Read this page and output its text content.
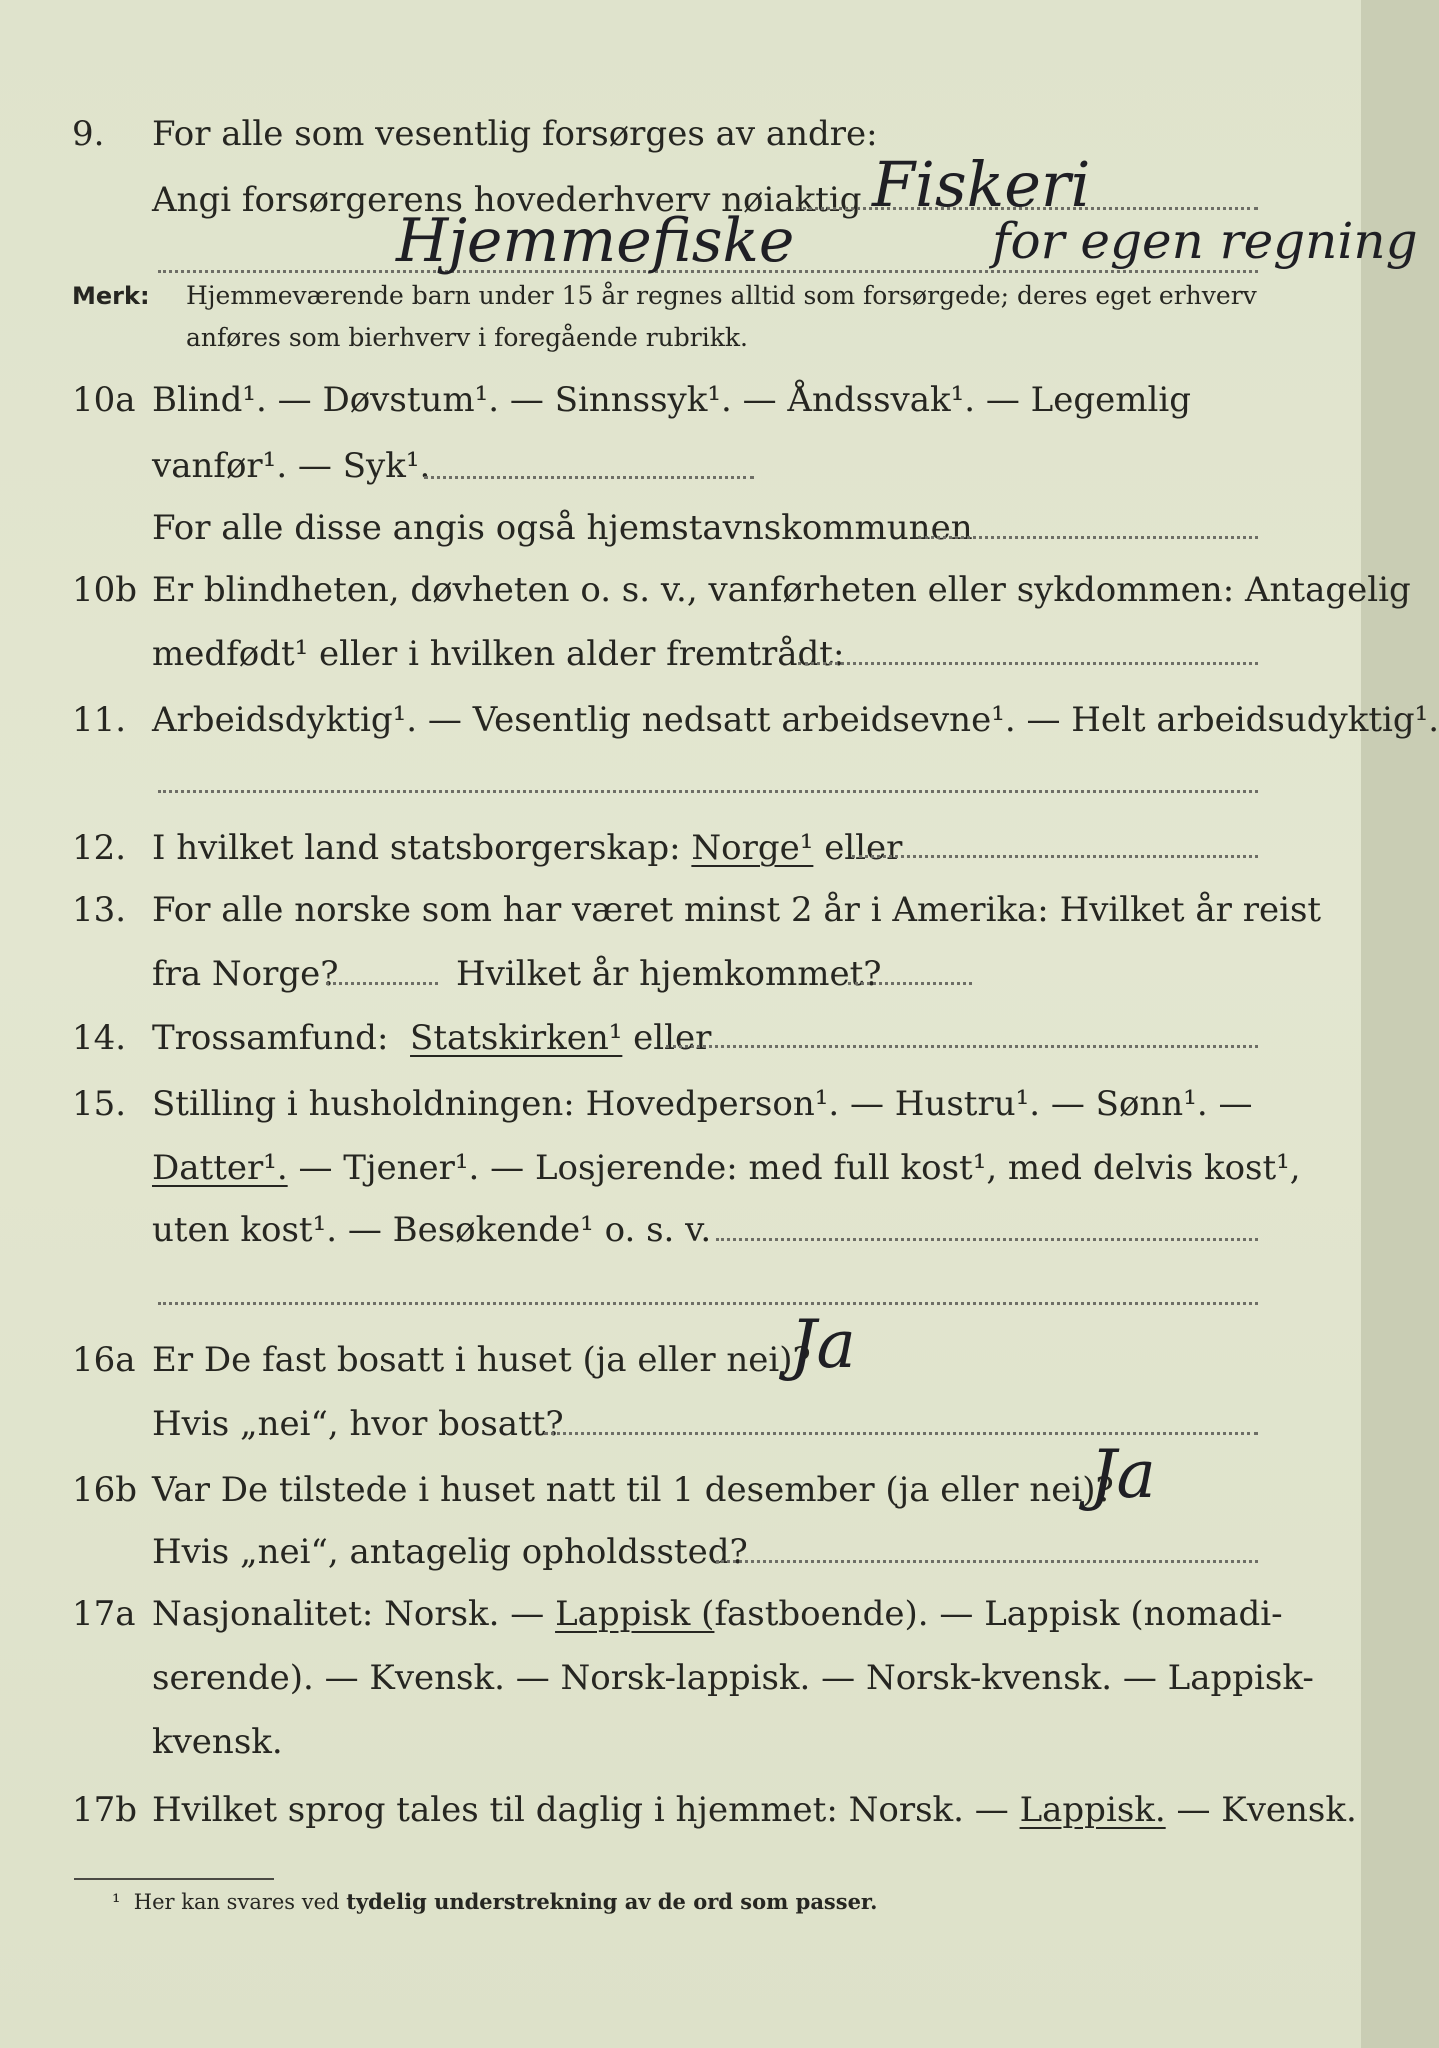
9. For alle som vesentlig forsørges av andre:
Angi forsørgerens hovederhverv nøiaktig Fiskeri
Hjemmefiske	for egen regning
Merk: Hjemmeværende barn under 15 år regnes alltid som forsørgede; deres eget erhverv
anføres som bierhverv i foregående rubrikk.
10a Blind¹. — Døvstum¹. — Sinnssyk¹. — Åndssvak¹. — Legemlig
vanfør¹. — Syk¹.
For alle disse angis også hjemstavnskommunen
10b Er blindheten, døvheten o. s. v., vanførheten eller sykdommen: Antagelig
medfødt¹ eller i hvilken alder fremtrådt:
11. Arbeidsdyktig¹. — Vesentlig nedsatt arbeidsevne¹. — Helt arbeidsudyktig¹.
12. I hvilket land statsborgerskap: Norge¹ eller
13. For alle norske som har været minst 2 år i Amerika: Hvilket år reist
fra Norge?	Hvilket år hjemkommet?
14. Trossamfund: Statskirken¹ eller
15. Stilling i husholdningen: Hovedperson¹. — Hustru¹. — Sønn¹. —
Datter¹. — Tjener¹. — Losjerende: med full kost¹, med delvis kost¹,
uten kost¹. — Besøkende¹ o. s. v.
16a Er De fast bosatt i huset (ja eller nei)?
Ja
Hvis „nei“, hvor bosatt?
16b Var De tilstede i huset natt til 1 desember (ja eller nei)?
Ja
Hvis „nei“, antagelig opholdssted?
17a Nasjonalitet: Norsk. — Lappisk (fastboende). — Lappisk (nomadi-
serende). — Kvensk. — Norsk-lappisk. — Norsk-kvensk. — Lappisk-
kvensk.
17b Hvilket sprog tales til daglig i hjemmet: Norsk. — Lappisk. — Kvensk.
¹ Her kan svares ved tydelig understrekning av de ord som passer.
